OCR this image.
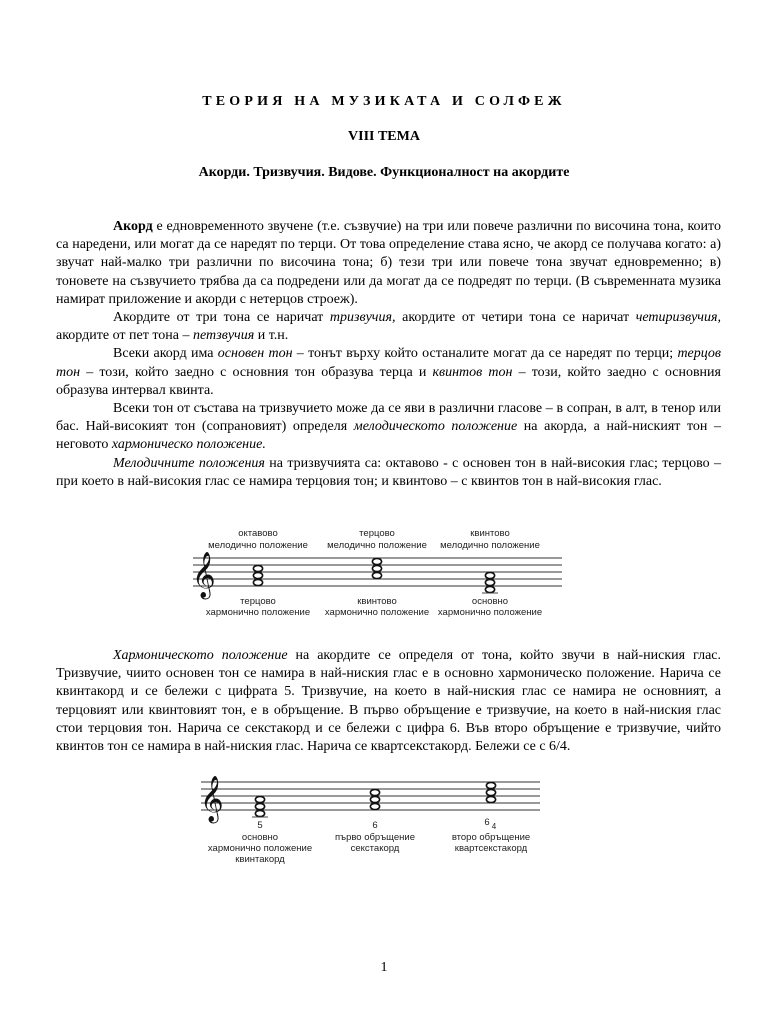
ТЕОРИЯ НА МУЗИКАТА И СОЛФЕЖ
VIII ТЕМА
Акорди. Тризвучия. Видове. Функционалност на акордите

Акорд е едновременното звучене (т.е. съзвучие) на три или повече различни по височина тона, които са наредени, или могат да се наредят по терци. От това определение става ясно, че акорд се получава когато: а) звучат най-малко три различни по височина тона; б) тези три или повече тона звучат едновременно; в) тоновете на съзвучието трябва да са подредени или да могат да се подредят по терци. (В съвременната музика намират приложение и акорди с нетерцов строеж).

Акордите от три тона се наричат тризвучия, акордите от четири тона се наричат четиризвучия, акордите от пет тона – петзвучия и т.н.

Всеки акорд има основен тон – тонът върху който останалите могат да се наредят по терци; терцов тон – този, който заедно с основния тон образува терца и квинтов тон – този, който заедно с основния образува интервал квинта.

Всеки тон от състава на тризвучието може да се яви в различни гласове – в сопран, в алт, в тенор или бас. Най-високият тон (сопрановият) определя мелодическото положение на акорда, а най-ниският тон – неговото хармоническо положение.

Мелодичните положения на тризвучията са: октавово - с основен тон в най-високия глас; терцово – при което в най-високия глас се намира терцовия тон; и квинтово – с квинтов тон в най-високия глас.

октавово
мелодично положение
терцово
мелодично положение
квинтово
мелодично положение
𝄞
терцово
хармонично положение
квинтово
хармонично положение
основно
хармонично положение

Хармоническото положение на акордите се определя от тона, който звучи в най-ниския глас. Тризвучие, чиито основен тон се намира в най-ниския глас е в основно хармоническо положение. Нарича се квинтакорд и се бележи с цифрата 5. Тризвучие, на което в най-ниския глас се намира не основният, а терцовият или квинтовият тон, е в обръщение. В първо обръщение е тризвучие, на което в най-ниския глас стои терцовия тон. Нарича се секстакорд и се бележи с цифра 6. Във второ обръщение е тризвучие, чийто квинтов тон се намира в най-ниския глас. Нарича се квартсекстакорд. Бележи се с 6/4.

𝄞
5	6	6 4
основно
хармонично положение
квинтакорд
първо обръщение
секстакорд
второ обръщение
квартсекстакорд
1
